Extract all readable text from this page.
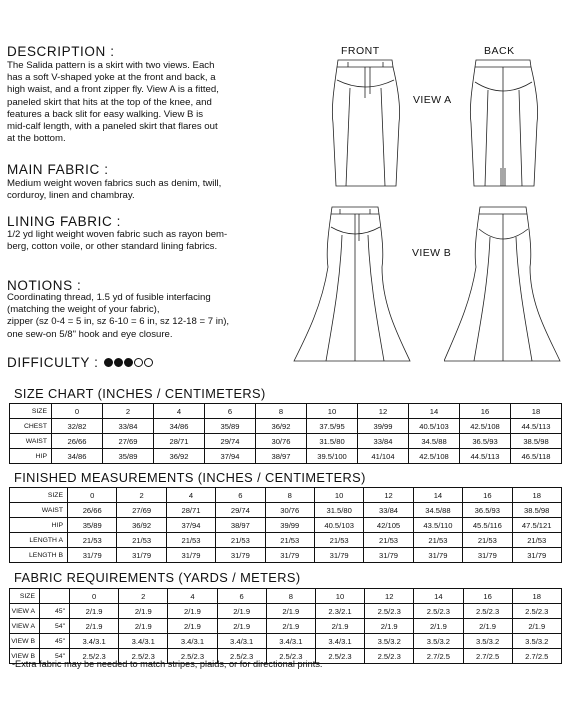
DESCRIPTION :
The Salida pattern is a skirt with two views. Each
has a soft V-shaped yoke at the front and back, a
high waist, and a front zipper fly. View A is a fitted,
paneled skirt that hits at the top of the knee, and
features a back slit for easy walking. View B is
mid-calf length, with a paneled skirt that flares out
at the bottom.
MAIN FABRIC :
Medium weight woven fabrics such as denim, twill,
corduroy, linen and chambray.
LINING FABRIC :
1/2 yd light weight woven fabric such as rayon bem-
berg, cotton voile, or other standard lining fabrics.
NOTIONS :
Coordinating thread, 1.5 yd of fusible interfacing
(matching the weight of your fabric),
zipper (sz 0-4 = 5 in, sz 6-10 = 6 in, sz 12-18 = 7 in),
one sew-on 5/8" hook and eye closure.
DIFFICULTY :
FRONT	BACK
VIEW A
VIEW B
SIZE CHART (INCHES / CENTIMETERS)
SIZE	0	2	4	6	8	10	12	14	16	18
CHEST	32/82	33/84	34/86	35/89	36/92	37.5/95	39/99	40.5/103	42.5/108	44.5/113
WAIST	26/66	27/69	28/71	29/74	30/76	31.5/80	33/84	34.5/88	36.5/93	38.5/98
HIP	34/86	35/89	36/92	37/94	38/97	39.5/100	41/104	42.5/108	44.5/113	46.5/118
FINISHED MEASUREMENTS (INCHES / CENTIMETERS)
SIZE	0	2	4	6	8	10	12	14	16	18
WAIST	26/66	27/69	28/71	29/74	30/76	31.5/80	33/84	34.5/88	36.5/93	38.5/98
HIP	35/89	36/92	37/94	38/97	39/99	40.5/103	42/105	43.5/110	45.5/116	47.5/121
LENGTH A	21/53	21/53	21/53	21/53	21/53	21/53	21/53	21/53	21/53	21/53
LENGTH B	31/79	31/79	31/79	31/79	31/79	31/79	31/79	31/79	31/79	31/79
FABRIC REQUIREMENTS (YARDS / METERS)
SIZE		0	2	4	6	8	10	12	14	16	18
VIEW A	45"	2/1.9	2/1.9	2/1.9	2/1.9	2/1.9	2.3/2.1	2.5/2.3	2.5/2.3	2.5/2.3	2.5/2.3
VIEW A	54"	2/1.9	2/1.9	2/1.9	2/1.9	2/1.9	2/1.9	2/1.9	2/1.9	2/1.9	2/1.9
VIEW B	45"	3.4/3.1	3.4/3.1	3.4/3.1	3.4/3.1	3.4/3.1	3.4/3.1	3.5/3.2	3.5/3.2	3.5/3.2	3.5/3.2
VIEW B	54"	2.5/2.3	2.5/2.3	2.5/2.3	2.5/2.3	2.5/2.3	2.5/2.3	2.5/2.3	2.7/2.5	2.7/2.5	2.7/2.5
-Extra fabric may be needed to match stripes, plaids, or for directional prints.
